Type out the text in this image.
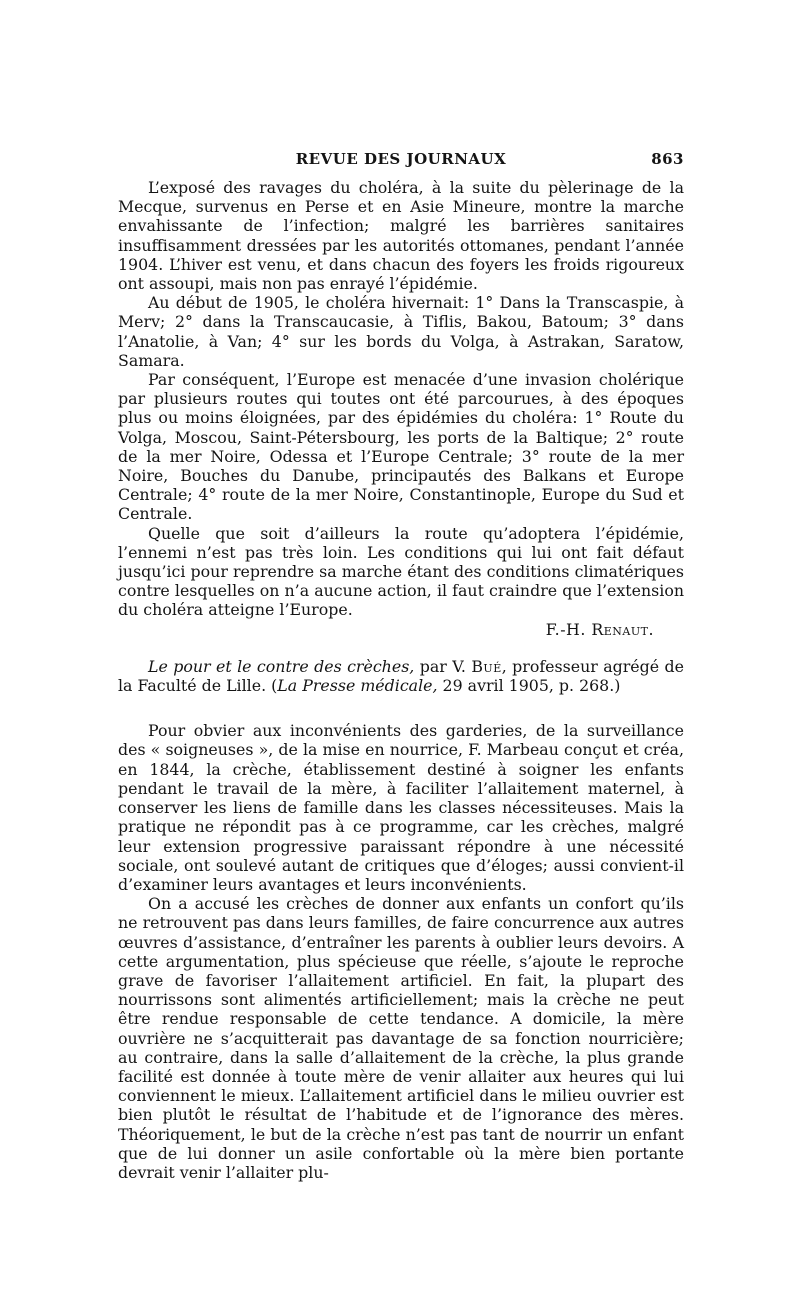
REVUE DES JOURNAUX	863

L’exposé des ravages du choléra, à la suite du pèlerinage de la Mecque, survenus en Perse et en Asie Mineure, montre la marche envahissante de l’infection; malgré les barrières sanitaires insuffisamment dressées par les autorités ottomanes, pendant l’année 1904. L’hiver est venu, et dans chacun des foyers les froids rigoureux ont assoupi, mais non pas enrayé l’épidémie.

Au début de 1905, le choléra hivernait: 1° Dans la Transcaspie, à Merv; 2° dans la Transcaucasie, à Tiflis, Bakou, Batoum; 3° dans l’Anatolie, à Van; 4° sur les bords du Volga, à Astrakan, Saratow, Samara.

Par conséquent, l’Europe est menacée d’une invasion cholérique par plusieurs routes qui toutes ont été parcourues, à des époques plus ou moins éloignées, par des épidémies du choléra: 1° Route du Volga, Moscou, Saint-Pétersbourg, les ports de la Baltique; 2° route de la mer Noire, Odessa et l’Europe Centrale; 3° route de la mer Noire, Bouches du Danube, principautés des Balkans et Europe Centrale; 4° route de la mer Noire, Constantinople, Europe du Sud et Centrale.

Quelle que soit d’ailleurs la route qu’adoptera l’épidémie, l’ennemi n’est pas très loin. Les conditions qui lui ont fait défaut jusqu’ici pour reprendre sa marche étant des conditions climatériques contre lesquelles on n’a aucune action, il faut craindre que l’extension du choléra atteigne l’Europe.

F.-H. Renaut.

Le pour et le contre des crèches, par V. Bué, professeur agrégé de la Faculté de Lille. (La Presse médicale, 29 avril 1905, p. 268.)

Pour obvier aux inconvénients des garderies, de la surveillance des « soigneuses », de la mise en nourrice, F. Marbeau conçut et créa, en 1844, la crèche, établissement destiné à soigner les enfants pendant le travail de la mère, à faciliter l’allaitement maternel, à conserver les liens de famille dans les classes nécessiteuses. Mais la pratique ne répondit pas à ce programme, car les crèches, malgré leur extension progressive paraissant répondre à une nécessité sociale, ont soulevé autant de critiques que d’éloges; aussi convient-il d’examiner leurs avantages et leurs inconvénients.

On a accusé les crèches de donner aux enfants un confort qu’ils ne retrouvent pas dans leurs familles, de faire concurrence aux autres œuvres d’assistance, d’entraîner les parents à oublier leurs devoirs. A cette argumentation, plus spécieuse que réelle, s’ajoute le reproche grave de favoriser l’allaitement artificiel. En fait, la plupart des nourrissons sont alimentés artificiellement; mais la crèche ne peut être rendue responsable de cette tendance. A domicile, la mère ouvrière ne s’acquitterait pas davantage de sa fonction nourricière; au contraire, dans la salle d’allaitement de la crèche, la plus grande facilité est donnée à toute mère de venir allaiter aux heures qui lui conviennent le mieux. L’allaitement artificiel dans le milieu ouvrier est bien plutôt le résultat de l’habitude et de l’ignorance des mères. Théoriquement, le but de la crèche n’est pas tant de nourrir un enfant que de lui donner un asile confortable où la mère bien portante devrait venir l’allaiter plu-
